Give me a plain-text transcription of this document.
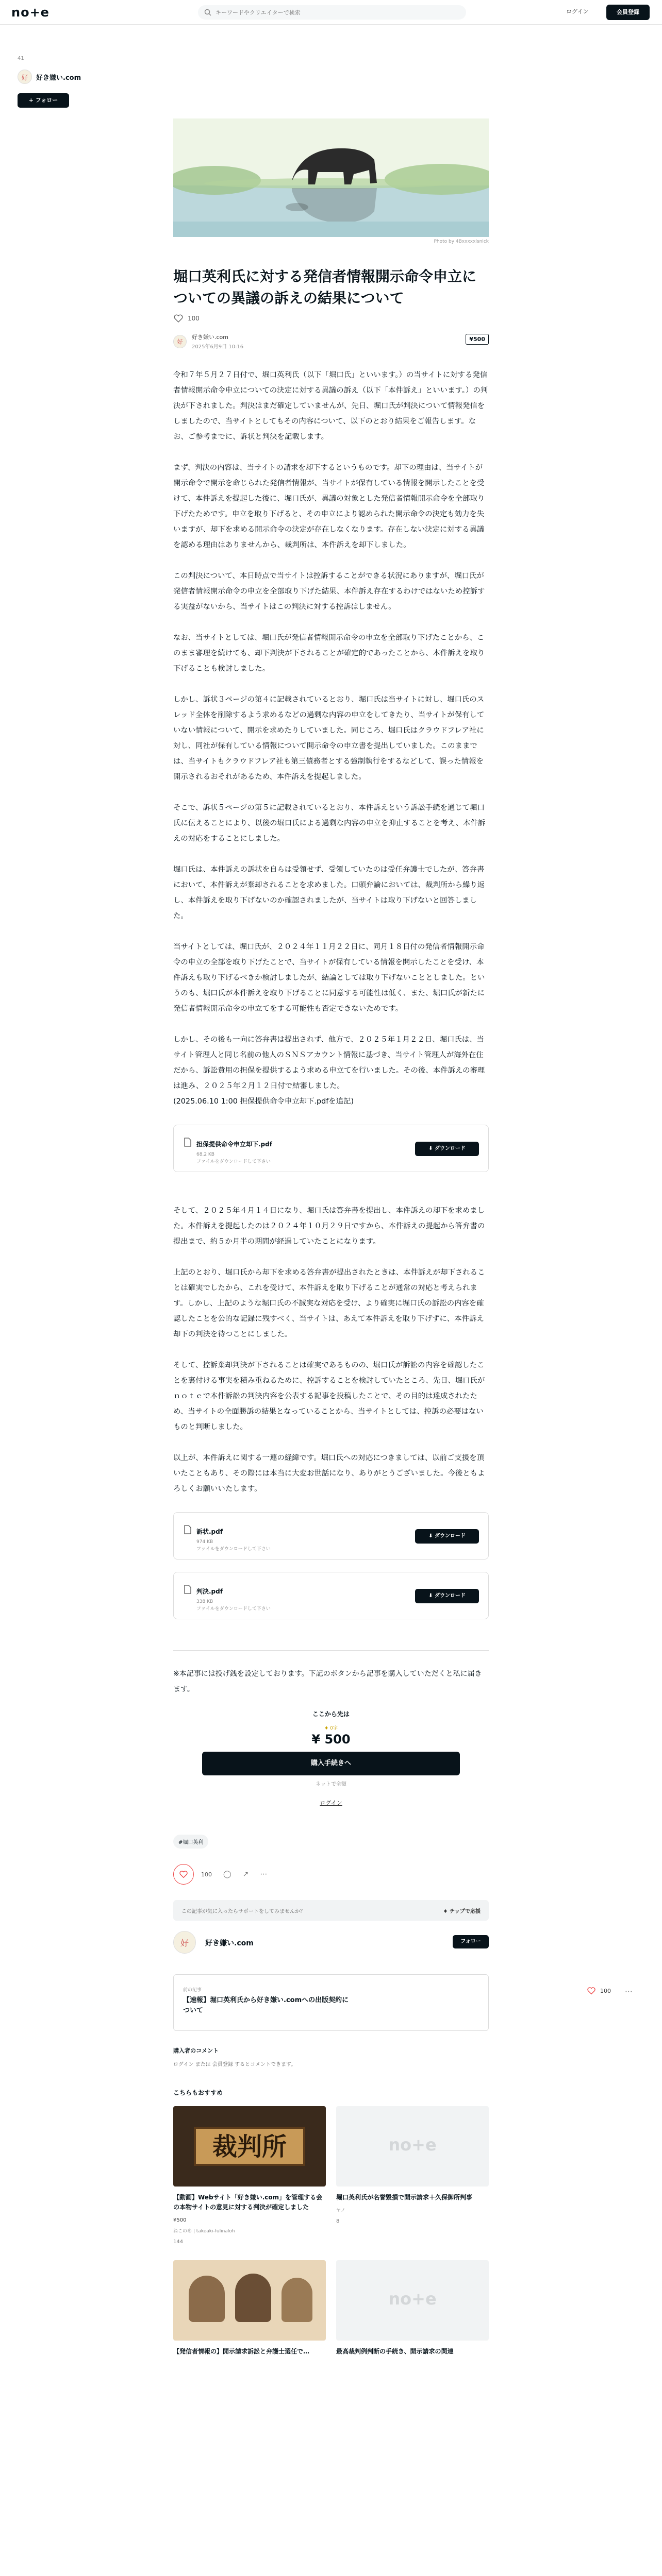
no+e
キーワードやクリエイターで検索	ログイン	会員登録
41
好	好き嫌い.com
+ フォロー
Photo by 4Bxxxxxlsnick
堀口英利氏に対する発信者情報開示命令申立についての異議の訴えの結果について
100
好
好き嫌い.com
2025年6月9日 10:16
¥500

令和７年５月２７日付で、堀口英利氏（以下「堀口氏」といいます。）の当サイトに対する発信者情報開示命令申立についての決定に対する異議の訴え（以下「本件訴え」といいます。）の判決が下されました。判決はまだ確定していませんが、先日、堀口氏が判決について情報発信をしましたので、当サイトとしてもその内容について、以下のとおり結果をご報告します。なお、ご参考までに、訴状と判決を記載します。

まず、判決の内容は、当サイトの請求を却下するというものです。却下の理由は、当サイトが開示命令で開示を命じられた発信者情報が、当サイトが保有している情報を開示したことを受けて、本件訴えを提起した後に、堀口氏が、異議の対象とした発信者情報開示命令を全部取り下げたためです。申立を取り下げると、その申立により認められた開示命令の決定も効力を失いますが、却下を求める開示命令の決定が存在しなくなります。存在しない決定に対する異議を認める理由はありませんから、裁判所は、本件訴えを却下しました。

この判決について、本日時点で当サイトは控訴することができる状況にありますが、堀口氏が発信者情報開示命令の申立を全部取り下げた結果、本件訴え存在するわけではないため控訴する実益がないから、当サイトはこの判決に対する控訴はしません。

なお、当サイトとしては、堀口氏が発信者情報開示命令の申立を全部取り下げたことから、このまま審理を続けても、却下判決が下されることが確定的であったことから、本件訴えを取り下げることも検討しました。

しかし、訴状３ページの第４に記載されているとおり、堀口氏は当サイトに対し、堀口氏のスレッド全体を削除するよう求めるなどの過剰な内容の申立をしてきたり、当サイトが保有していない情報について、開示を求めたりしていました。同じころ、堀口氏はクラウドフレア社に対し、同社が保有している情報について開示命令の申立書を提出していました。このままでは、当サイトもクラウドフレア社も第三債務者とする強制執行をするなどして、誤った情報を開示されるおそれがあるため、本件訴えを提起しました。

そこで、訴状５ページの第５に記載されているとおり、本件訴えという訴訟手続を通じて堀口氏に伝えることにより、以後の堀口氏による過剰な内容の申立を抑止することを考え、本件訴えの対応をすることにしました。

堀口氏は、本件訴えの訴状を自らは受領せず、受領していたのは受任弁護士でしたが、答弁書において、本件訴えが棄却されることを求めました。口頭弁論においては、裁判所から繰り返し、本件訴えを取り下げないのか確認されましたが、当サイトは取り下げないと回答しました。

当サイトとしては、堀口氏が、２０２４年１１月２２日に、同月１８日付の発信者情報開示命令の申立の全部を取り下げたことで、当サイトが保有している情報を開示したことを受け、本件訴えも取り下げるべきか検討しましたが、結論としては取り下げないこととしました。というのも、堀口氏が本件訴えを取り下げることに同意する可能性は低く、また、堀口氏が新たに発信者情報開示命令の申立てをする可能性も否定できないためです。

しかし、その後も一向に答弁書は提出されず、他方で、２０２５年１月２２日、堀口氏は、当サイト管理人と同じ名前の他人のＳＮＳアカウント情報に基づき、当サイト管理人が海外在住だから、訴訟費用の担保を提供するよう求める申立てを行いました。その後、本件訴えの審理は進み、２０２５年２月１２日付で結審しました。

(2025.06.10 1:00 担保提供命令申立却下.pdfを追記)

担保提供命令申立却下.pdf
68.2 KB
ファイルをダウンロードして下さい
⬇ ダウンロード

そして、２０２５年４月１４日になり、堀口氏は答弁書を提出し、本件訴えの却下を求めました。本件訴えを提起したのは２０２４年１０月２９日ですから、本件訴えの提起から答弁書の提出まで、約５か月半の期間が経過していたことになります。

上記のとおり、堀口氏から却下を求める答弁書が提出されたときは、本件訴えが却下されることは確実でしたから、これを受けて、本件訴えを取り下げることが通常の対応と考えられます。しかし、上記のような堀口氏の不誠実な対応を受け、より確実に堀口氏の訴訟の内容を確認したことを公的な記録に残すべく、当サイトは、あえて本件訴えを取り下げずに、本件訴え却下の判決を待つことにしました。

そして、控訴棄却判決が下されることは確実であるものの、堀口氏が訴訟の内容を確認したことを裏付ける事実を積み重ねるために、控訴することを検討していたところ、先日、堀口氏がｎｏｔｅで本件訴訟の判決内容を公表する記事を投稿したことで、その目的は達成されたため、当サイトの全面勝訴の結果となっていることから、当サイトとしては、控訴の必要はないものと判断しました。

以上が、本件訴えに関する一連の経緯です。堀口氏への対応につきましては、以前ご支援を頂いたこともあり、その際には本当に大変お世話になり、ありがとうございました。今後ともよろしくお願いいたします。

訴状.pdf
974 KB
ファイルをダウンロードして下さい
⬇ ダウンロード
判決.pdf
338 KB
ファイルをダウンロードして下さい
⬇ ダウンロード

※本記事には投げ銭を設定しております。下記のボタンから記事を購入していただくと私に届きます。

ここから先は
♦ 0字
¥ 500
購入手続きへ
ネットで全額
ログイン
#堀口英利
100 ◯ ↗ ⋯
この記事が気に入ったらサポートをしてみませんか？	♦ チップで応援
好	好き嫌い.com	フォロー
前の記事
【速報】堀口英利氏から好き嫌い.comへの出版契約について
購入者のコメント
ログイン または 会員登録 するとコメントできます。
こちらもおすすめ
裁判所
【動画】Webサイト「好き嫌い.com」を管理する会の本物サイトの意見に対する判決が確定しました
¥500
ねこのめ | takeaki-fulinaloh
144
no+e
堀口英利氏が名誉毀損で開示請求＋久保御所判事
ヤノ
8
【発信者情報の】開示請求訴訟と弁護士選任で…
no+e
最高裁判例判断の手続き、開示請求の関連
100 ⋯
